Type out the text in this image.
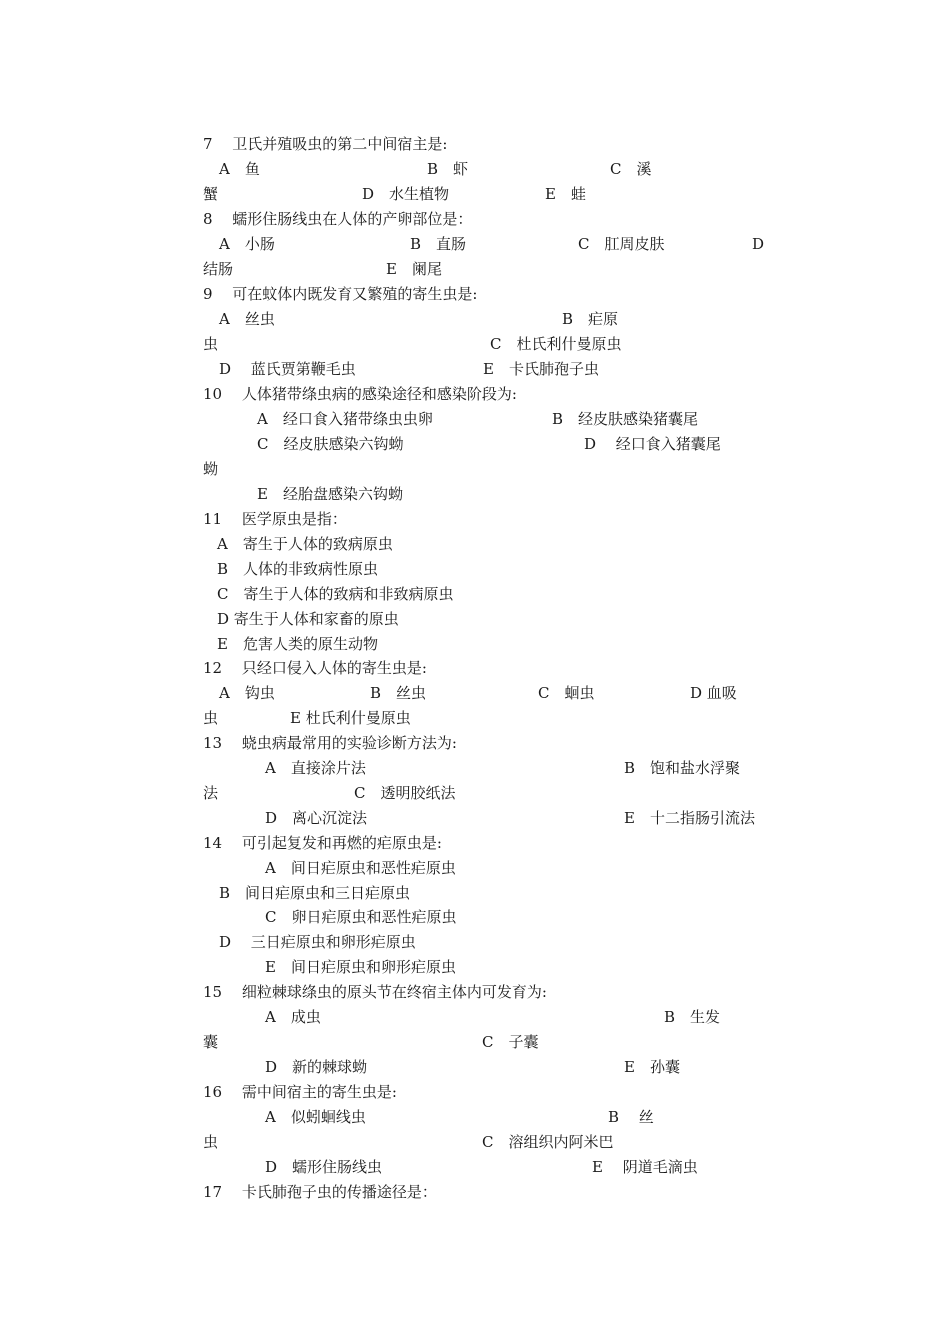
7　 卫氏并殖吸虫的第二中间宿主是:
A　鱼	B　虾	C　溪
蟹	D　水生植物	E　蛙
8　 蠕形住肠线虫在人体的产卵部位是：
A　小肠	B　直肠	C　肛周皮肤	D
结肠	E　阑尾
9　 可在蚊体内既发育又繁殖的寄生虫是:
A　丝虫	B　疟原
虫	C　杜氏利什曼原虫
D　 蓝氏贾第鞭毛虫	E　卡氏肺孢子虫
10　 人体猪带绦虫病的感染途径和感染阶段为:
A　经口食入猪带绦虫虫卵	B　经皮肤感染猪囊尾
C　经皮肤感染六钩蚴	D　 经口食入猪囊尾
蚴
E　经胎盘感染六钩蚴
11　 医学原虫是指：
A　寄生于人体的致病原虫
B　人体的非致病性原虫
C　寄生于人体的致病和非致病原虫
D 寄生于人体和家畜的原虫
E　危害人类的原生动物
12　 只经口侵入人体的寄生虫是:
A　钩虫	B　丝虫	C　蛔虫	D 血吸
虫	E 杜氏利什曼原虫
13　 蛲虫病最常用的实验诊断方法为:
A　直接涂片法	B　饱和盐水浮聚
法	C　透明胶纸法
D　离心沉淀法	E　十二指肠引流法
14　 可引起复发和再燃的疟原虫是:
A　间日疟原虫和恶性疟原虫
B　间日疟原虫和三日疟原虫
C　卵日疟原虫和恶性疟原虫
D　 三日疟原虫和卵形疟原虫
E　间日疟原虫和卵形疟原虫
15　 细粒棘球绦虫的原头节在终宿主体内可发育为:
A　成虫	B　生发
囊	C　子囊
D　新的棘球蚴	E　孙囊
16　 需中间宿主的寄生虫是:
A　似蚓蛔线虫	B　 丝
虫	C　溶组织内阿米巴
D　蠕形住肠线虫	E　 阴道毛滴虫
17　 卡氏肺孢子虫的传播途径是：
